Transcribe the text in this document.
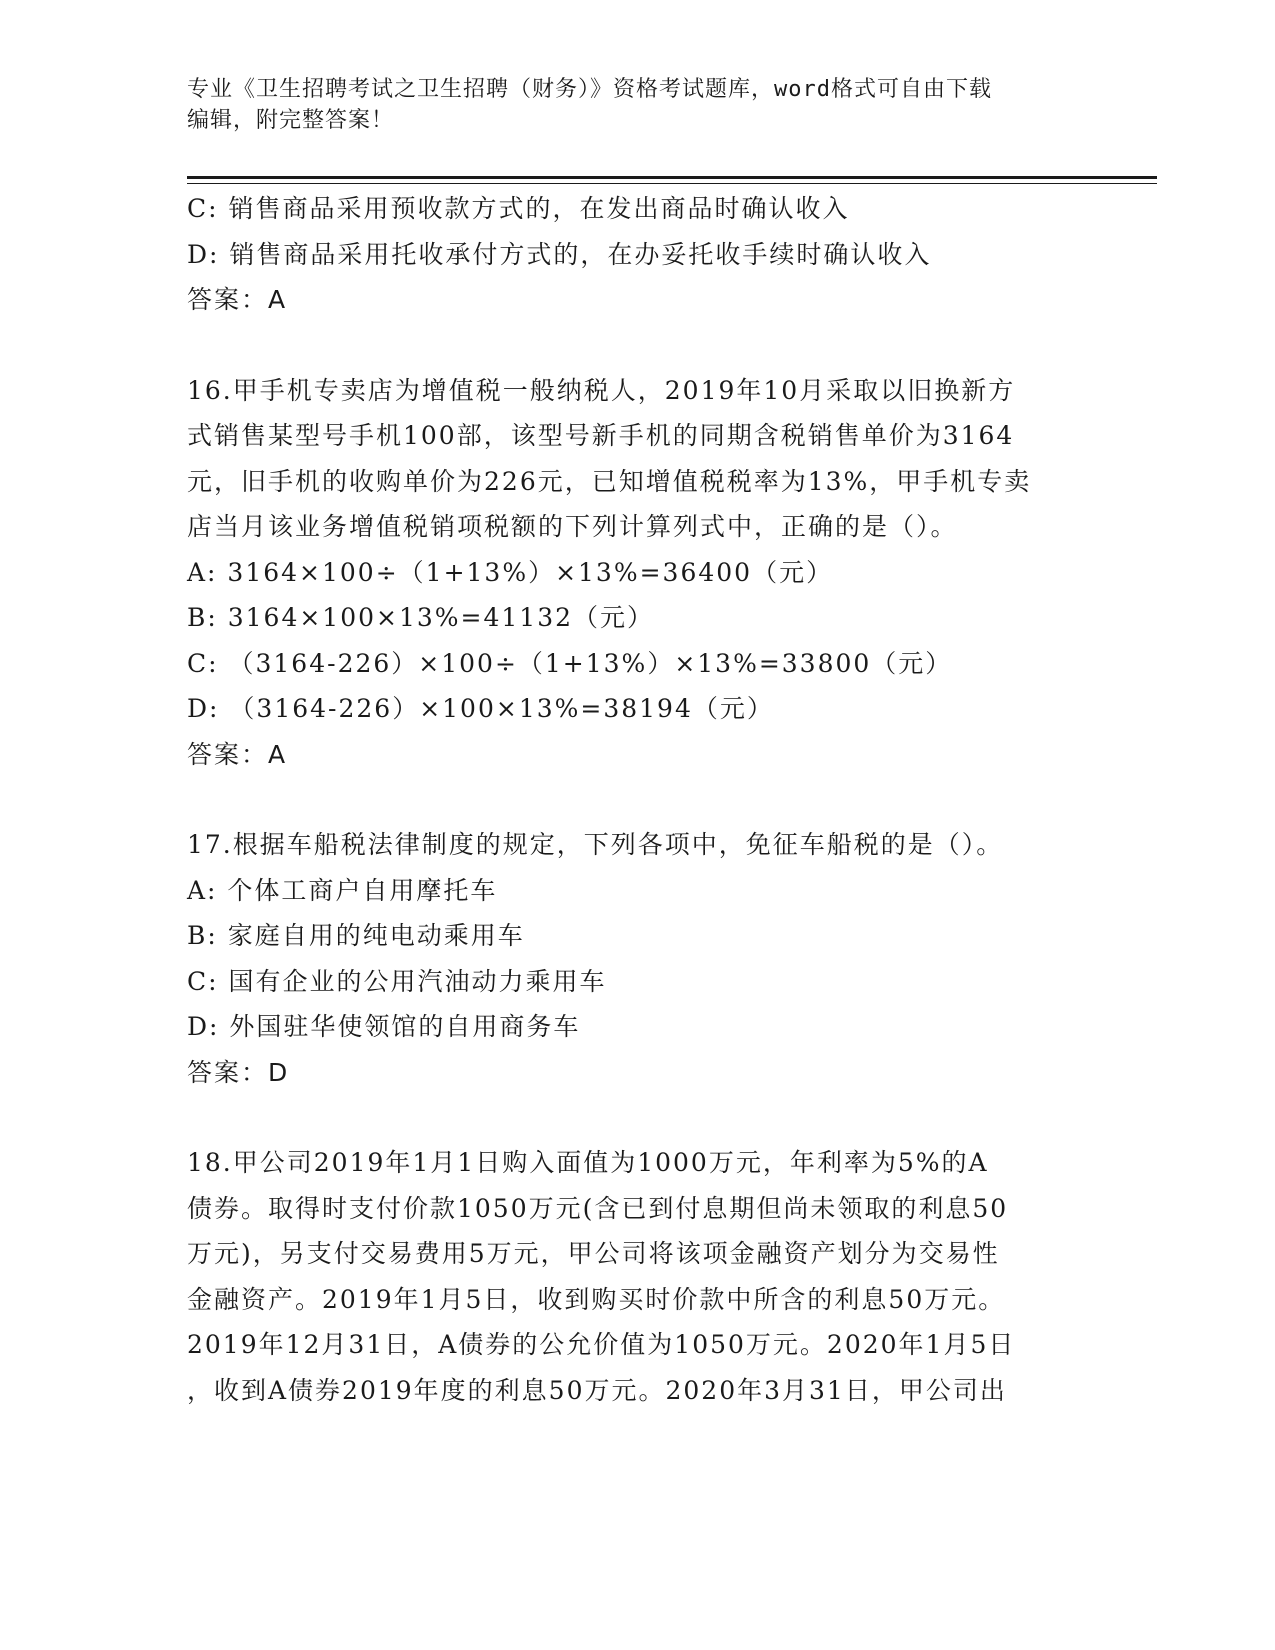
专业《卫生招聘考试之卫生招聘（财务）》资格考试题库，word格式可自由下载
编辑，附完整答案！
C: 销售商品采用预收款方式的，在发出商品时确认收入
D: 销售商品采用托收承付方式的，在办妥托收手续时确认收入
答案：A
16.甲手机专卖店为增值税一般纳税人，2019年10月采取以旧换新方
式销售某型号手机100部，该型号新手机的同期含税销售单价为3164
元，旧手机的收购单价为226元，已知增值税税率为13%，甲手机专卖
店当月该业务增值税销项税额的下列计算列式中，正确的是（）。
A: 3164×100÷（1+13%）×13%=36400（元）
B: 3164×100×13%=41132（元）
C: （3164-226）×100÷（1+13%）×13%=33800（元）
D: （3164-226）×100×13%=38194（元）
答案：A
17.根据车船税法律制度的规定，下列各项中，免征车船税的是（）。
A: 个体工商户自用摩托车
B: 家庭自用的纯电动乘用车
C: 国有企业的公用汽油动力乘用车
D: 外国驻华使领馆的自用商务车
答案：D
18.甲公司2019年1月1日购入面值为1000万元，年利率为5%的A
债券。取得时支付价款1050万元(含已到付息期但尚未领取的利息50
万元)，另支付交易费用5万元，甲公司将该项金融资产划分为交易性
金融资产。2019年1月5日，收到购买时价款中所含的利息50万元。
2019年12月31日，A债券的公允价值为1050万元。2020年1月5日
，收到A债券2019年度的利息50万元。2020年3月31日，甲公司出
